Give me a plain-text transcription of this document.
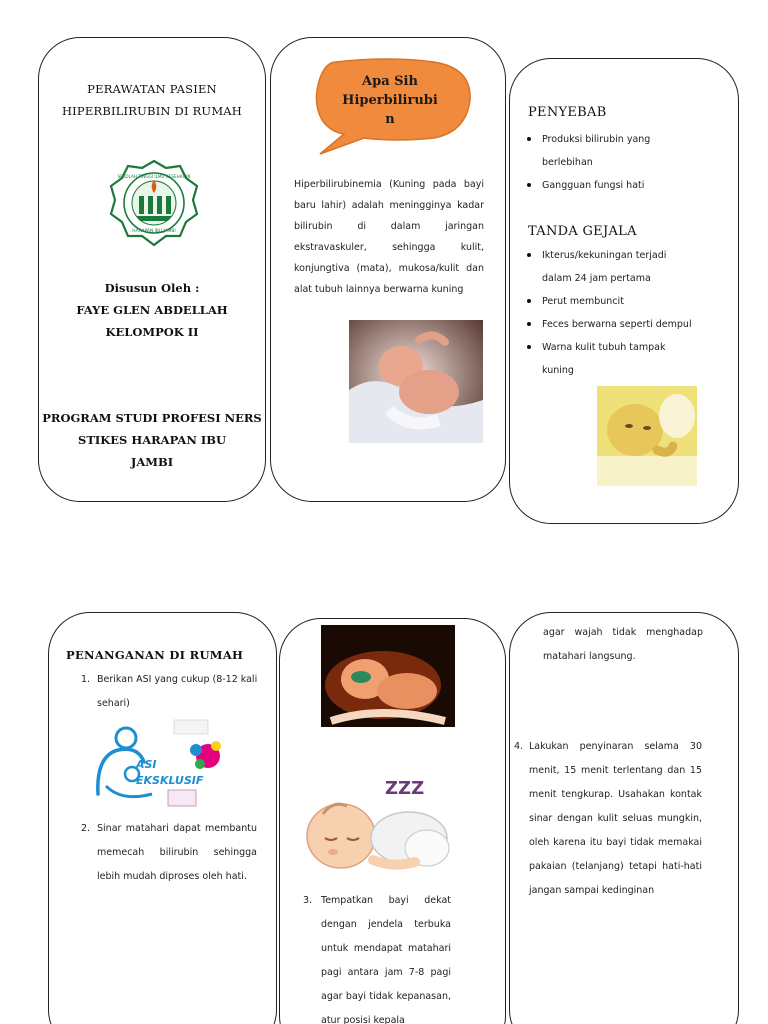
PERAWATAN PASIEN
HIPERBILIRUBIN DI RUMAH
SEKOLAH TINGGI ILMU KESEHATAN
HARAPAN IBU JAMBI
Disusun Oleh :
FAYE GLEN ABDELLAH
KELOMPOK II
PROGRAM STUDI PROFESI NERS
STIKES HARAPAN IBU
JAMBI
Apa Sih
Hiperbilirubi
n
Hiperbilirubinemia (Kuning pada bayi baru lahir) adalah meningginya kadar bilirubin di dalam jaringan ekstravaskuler, sehingga kulit, konjungtiva (mata), mukosa/kulit dan alat tubuh lainnya berwarna kuning
PENYEBAB
Produksi bilirubin yang berlebihan
Gangguan fungsi hati
TANDA GEJALA
Ikterus/kekuningan terjadi dalam 24 jam pertama
Perut membuncit
Feces berwarna seperti dempul
Warna kulit tubuh tampak kuning
PENANGANAN DI RUMAH
1. Berikan ASI yang cukup (8-12 kali sehari)
ASI
EKSKLUSIF
2. Sinar matahari dapat membantu memecah bilirubin sehingga lebih mudah diproses oleh hati.
ZZZ
3. Tempatkan bayi dekat dengan jendela terbuka untuk mendapat matahari pagi antara jam 7-8 pagi agar bayi tidak kepanasan, atur posisi kepala
agar wajah tidak menghadap matahari langsung.
4. Lakukan penyinaran selama 30 menit, 15 menit terlentang dan 15 menit tengkurap. Usahakan kontak sinar dengan kulit seluas mungkin, oleh karena itu bayi tidak memakai pakaian (telanjang) tetapi hati-hati jangan sampai kedinginan
